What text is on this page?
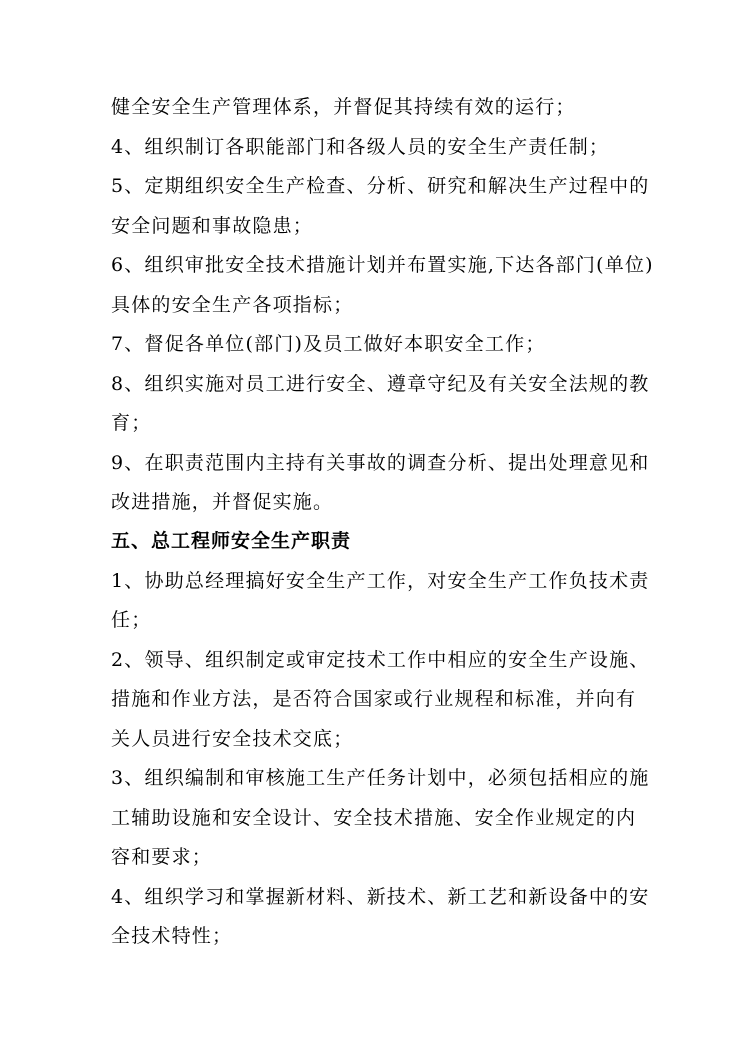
健全安全生产管理体系，并督促其持续有效的运行；
4、组织制订各职能部门和各级人员的安全生产责任制；
5、定期组织安全生产检查、分析、研究和解决生产过程中的
安全问题和事故隐患；
6、组织审批安全技术措施计划并布置实施,下达各部门(单位)
具体的安全生产各项指标；
7、督促各单位(部门)及员工做好本职安全工作；
8、组织实施对员工进行安全、遵章守纪及有关安全法规的教
育；
9、在职责范围内主持有关事故的调查分析、提出处理意见和
改进措施，并督促实施。
五、总工程师安全生产职责
1、协助总经理搞好安全生产工作，对安全生产工作负技术责
任；
2、领导、组织制定或审定技术工作中相应的安全生产设施、
措施和作业方法，是否符合国家或行业规程和标准，并向有
关人员进行安全技术交底；
3、组织编制和审核施工生产任务计划中，必须包括相应的施
工辅助设施和安全设计、安全技术措施、安全作业规定的内
容和要求；
4、组织学习和掌握新材料、新技术、新工艺和新设备中的安
全技术特性；
